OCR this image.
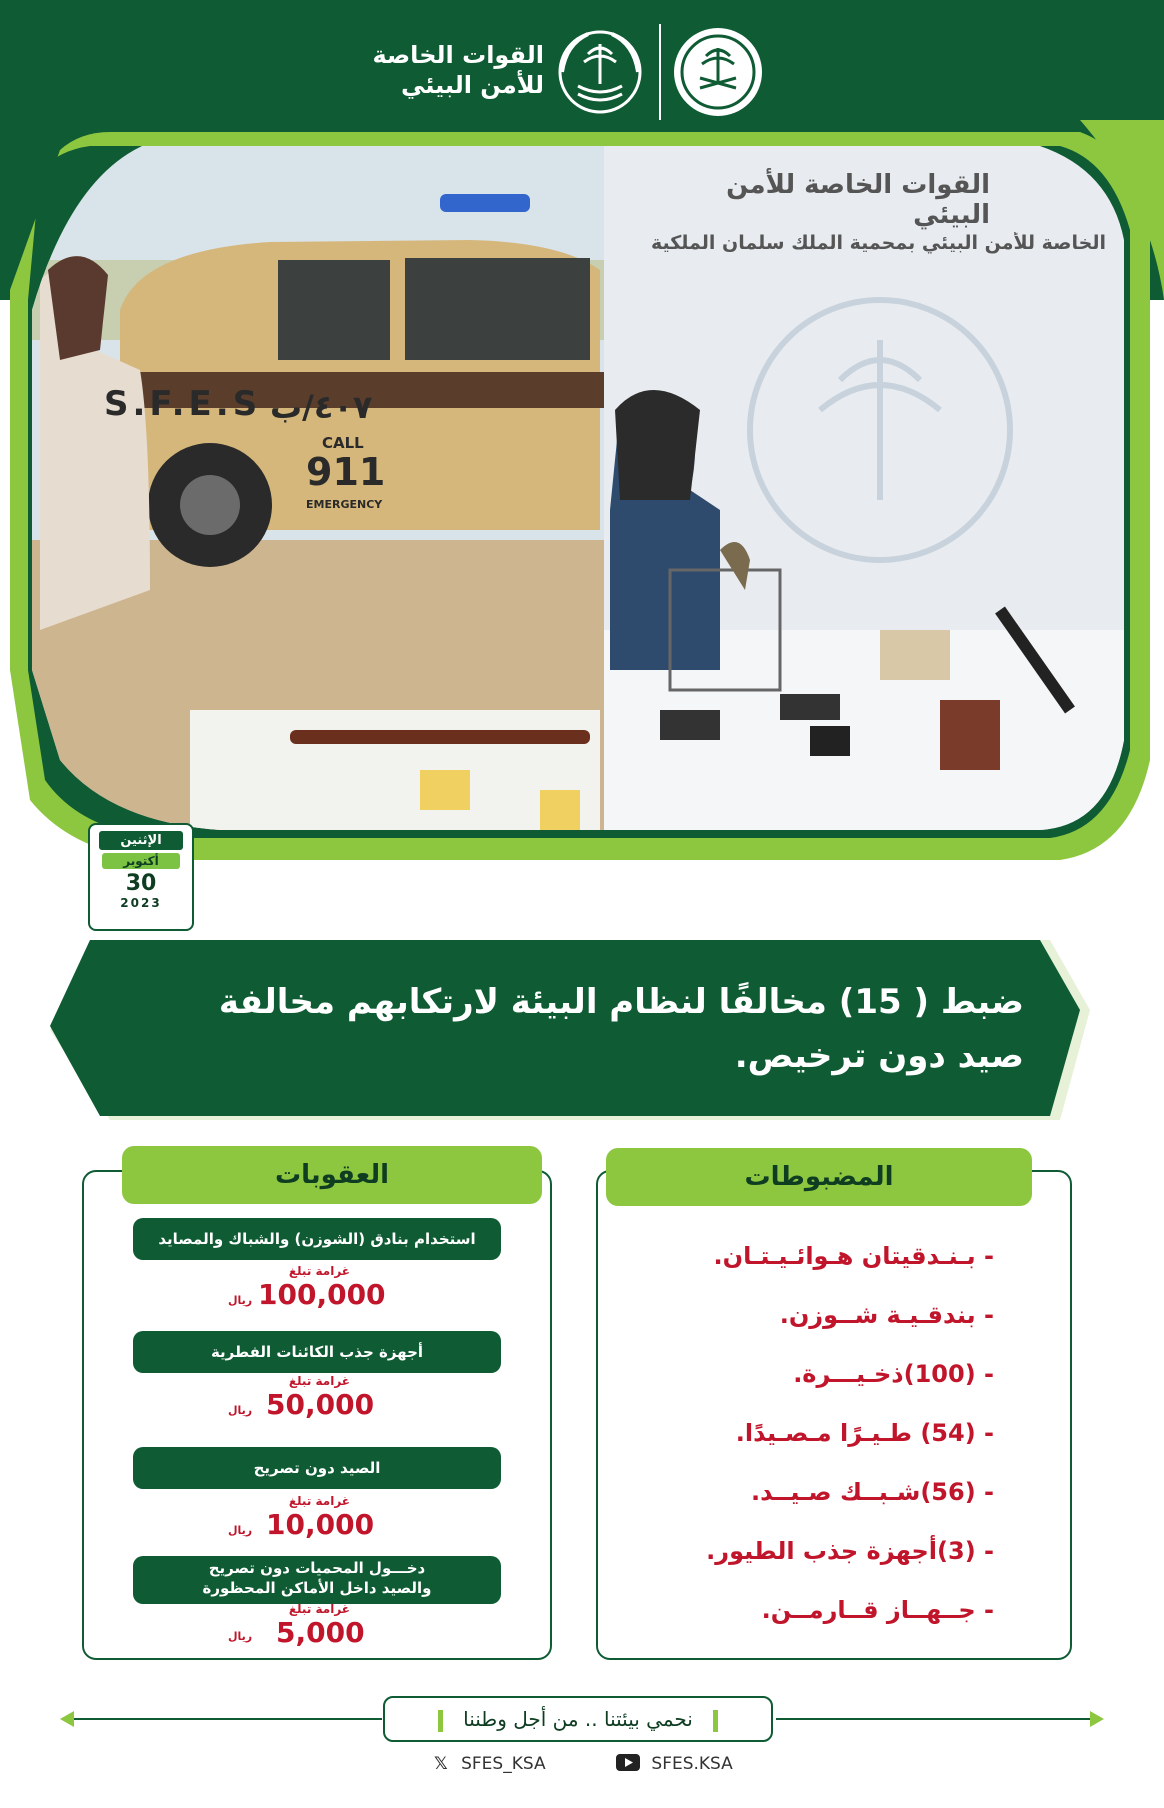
القوات الخاصة
للأمن البيئي
S.F.E.S ٤٠٧/ب
CALL
911
EMERGENCY
القوات الخاصة للأمن البيئي
الخاصة للأمن البيئي بمحمية الملك سلمان الملكية
الإثنين
أكتوبر
30
2023
ضبط ( 15) مخالفًا لنظام البيئة لارتكابهم مخالفة صيد دون ترخيص.
المضبوطات
- بـنـدقيتان هـوائـيـتـان.
- بندقـيـة شــوزن.
- (100)ذخـيـــرة.
- (54) طـيـرًا مـصـيدًا.
- (56)شـبــك صـيــد.
- (3)أجهزة جذب الطيور.
- جــهــاز قــارمــن.
العقوبات
استخدام بنادق (الشوزن) والشباك والمصايد
غرامة تبلغ
100,000
ريال
أجهزة جذب الكائنات الفطرية
غرامة تبلغ
50,000
ريال
الصيد دون تصريح
غرامة تبلغ
10,000
ريال
دخـــول المحميات دون تصريح
والصيد داخل الأماكن المحظورة
غرامة تبلغ
5,000
ريال
نحمي بيئتنا .. من أجل وطننا
𝕏 SFES_KSA	SFES.KSA
